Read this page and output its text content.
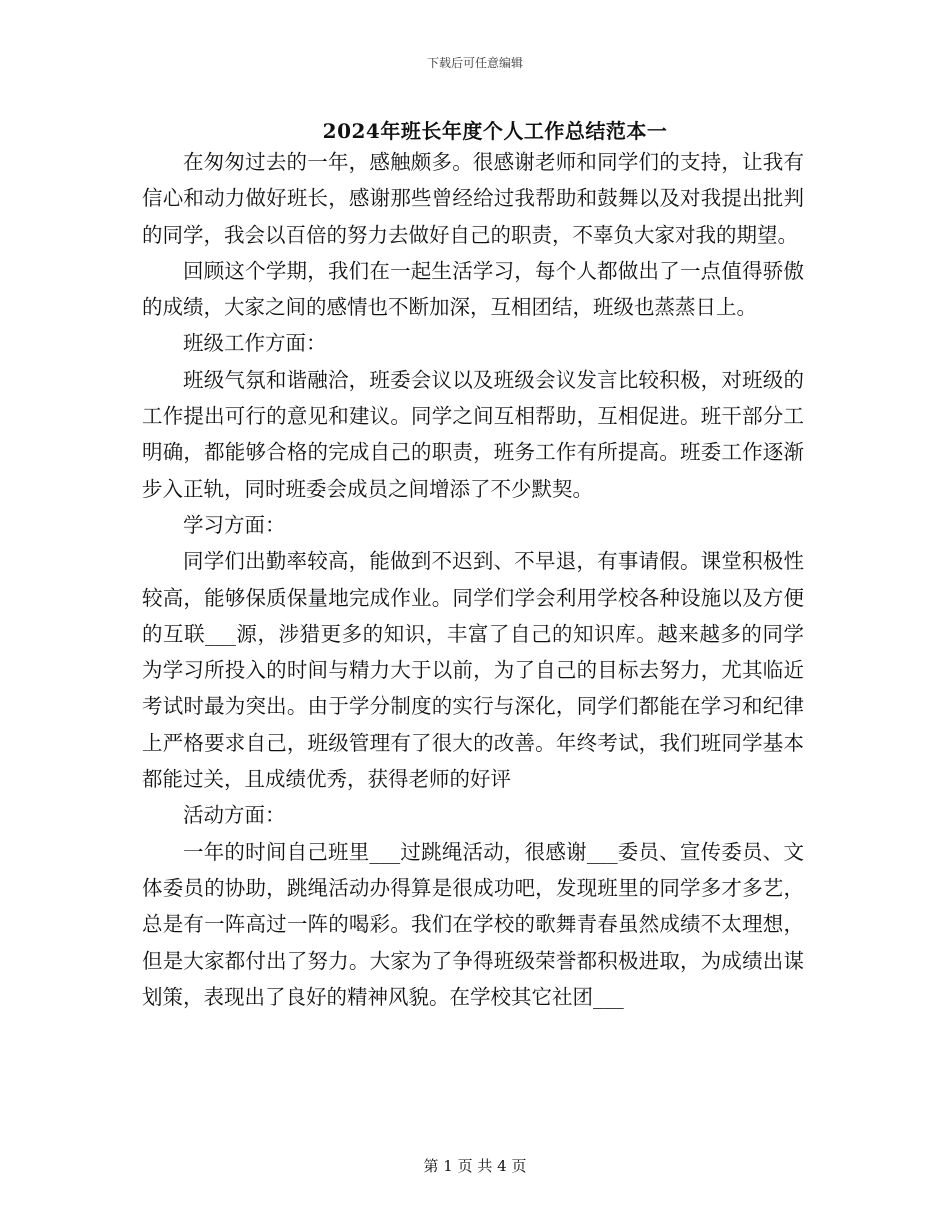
下载后可任意编辑
2024年班长年度个人工作总结范本一

在匆匆过去的一年，感触颇多。很感谢老师和同学们的支持，让我有信心和动力做好班长，感谢那些曾经给过我帮助和鼓舞以及对我提出批判的同学，我会以百倍的努力去做好自己的职责，不辜负大家对我的期望。

回顾这个学期，我们在一起生活学习，每个人都做出了一点值得骄傲的成绩，大家之间的感情也不断加深，互相团结，班级也蒸蒸日上。

班级工作方面：

班级气氛和谐融洽，班委会议以及班级会议发言比较积极，对班级的工作提出可行的意见和建议。同学之间互相帮助，互相促进。班干部分工明确，都能够合格的完成自己的职责，班务工作有所提高。班委工作逐渐步入正轨，同时班委会成员之间增添了不少默契。

学习方面：

同学们出勤率较高，能做到不迟到、不早退，有事请假。课堂积极性较高，能够保质保量地完成作业。同学们学会利用学校各种设施以及方便的互联___源，涉猎更多的知识，丰富了自己的知识库。越来越多的同学为学习所投入的时间与精力大于以前，为了自己的目标去努力，尤其临近考试时最为突出。由于学分制度的实行与深化，同学们都能在学习和纪律上严格要求自己，班级管理有了很大的改善。年终考试，我们班同学基本都能过关，且成绩优秀，获得老师的好评

活动方面：

一年的时间自己班里___过跳绳活动，很感谢___委员、宣传委员、文体委员的协助，跳绳活动办得算是很成功吧，发现班里的同学多才多艺，总是有一阵高过一阵的喝彩。我们在学校的歌舞青春虽然成绩不太理想，但是大家都付出了努力。大家为了争得班级荣誉都积极进取，为成绩出谋划策，表现出了良好的精神风貌。在学校其它社团___

第 1 页 共 4 页
